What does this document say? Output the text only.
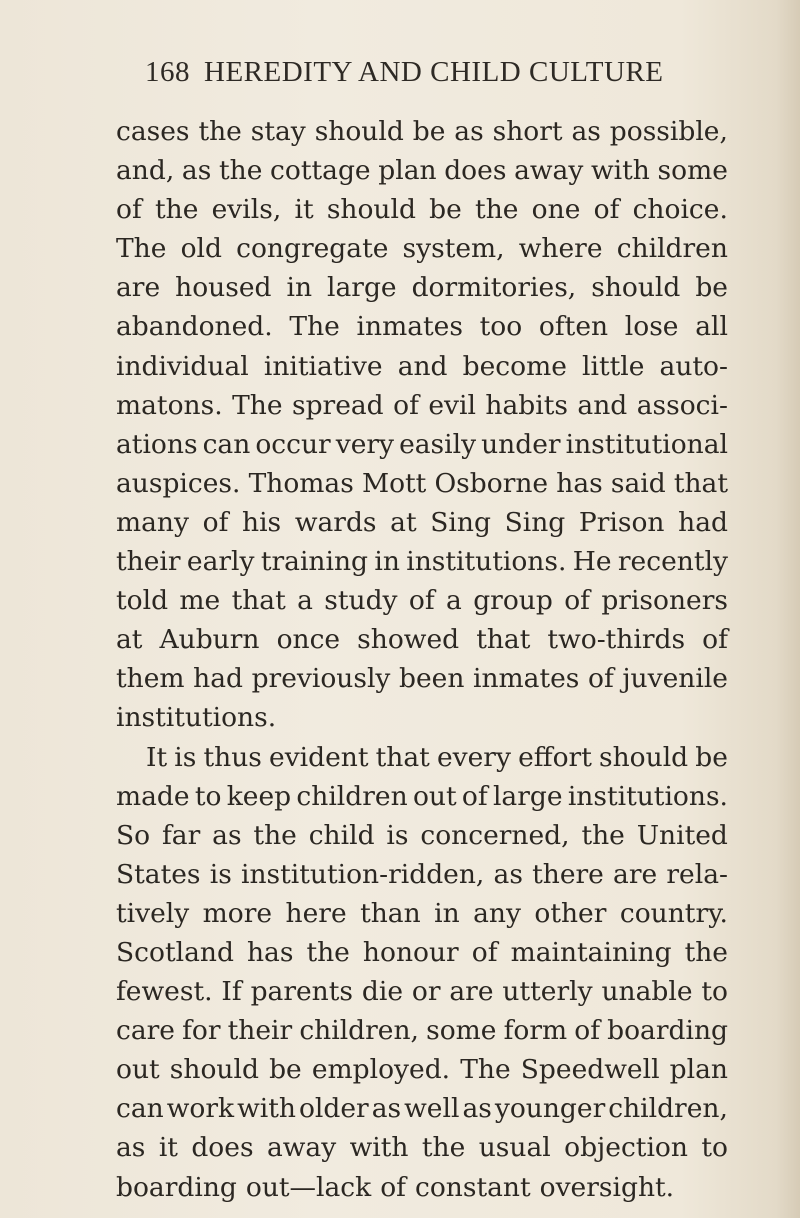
168 HEREDITY AND CHILD CULTURE
cases the stay should be as short as possible,
and, as the cottage plan does away with some
of the evils, it should be the one of choice.
The old congregate system, where children
are housed in large dormitories, should be
abandoned. The inmates too often lose all
individual initiative and become little auto-
matons. The spread of evil habits and associ-
ations can occur very easily under institutional
auspices. Thomas Mott Osborne has said that
many of his wards at Sing Sing Prison had
their early training in institutions. He recently
told me that a study of a group of prisoners
at Auburn once showed that two-thirds of
them had previously been inmates of juvenile
institutions.
It is thus evident that every effort should be
made to keep children out of large institutions.
So far as the child is concerned, the United
States is institution-ridden, as there are rela-
tively more here than in any other country.
Scotland has the honour of maintaining the
fewest. If parents die or are utterly unable to
care for their children, some form of boarding
out should be employed. The Speedwell plan
can work with older as well as younger children,
as it does away with the usual objection to
boarding out—lack of constant oversight.
